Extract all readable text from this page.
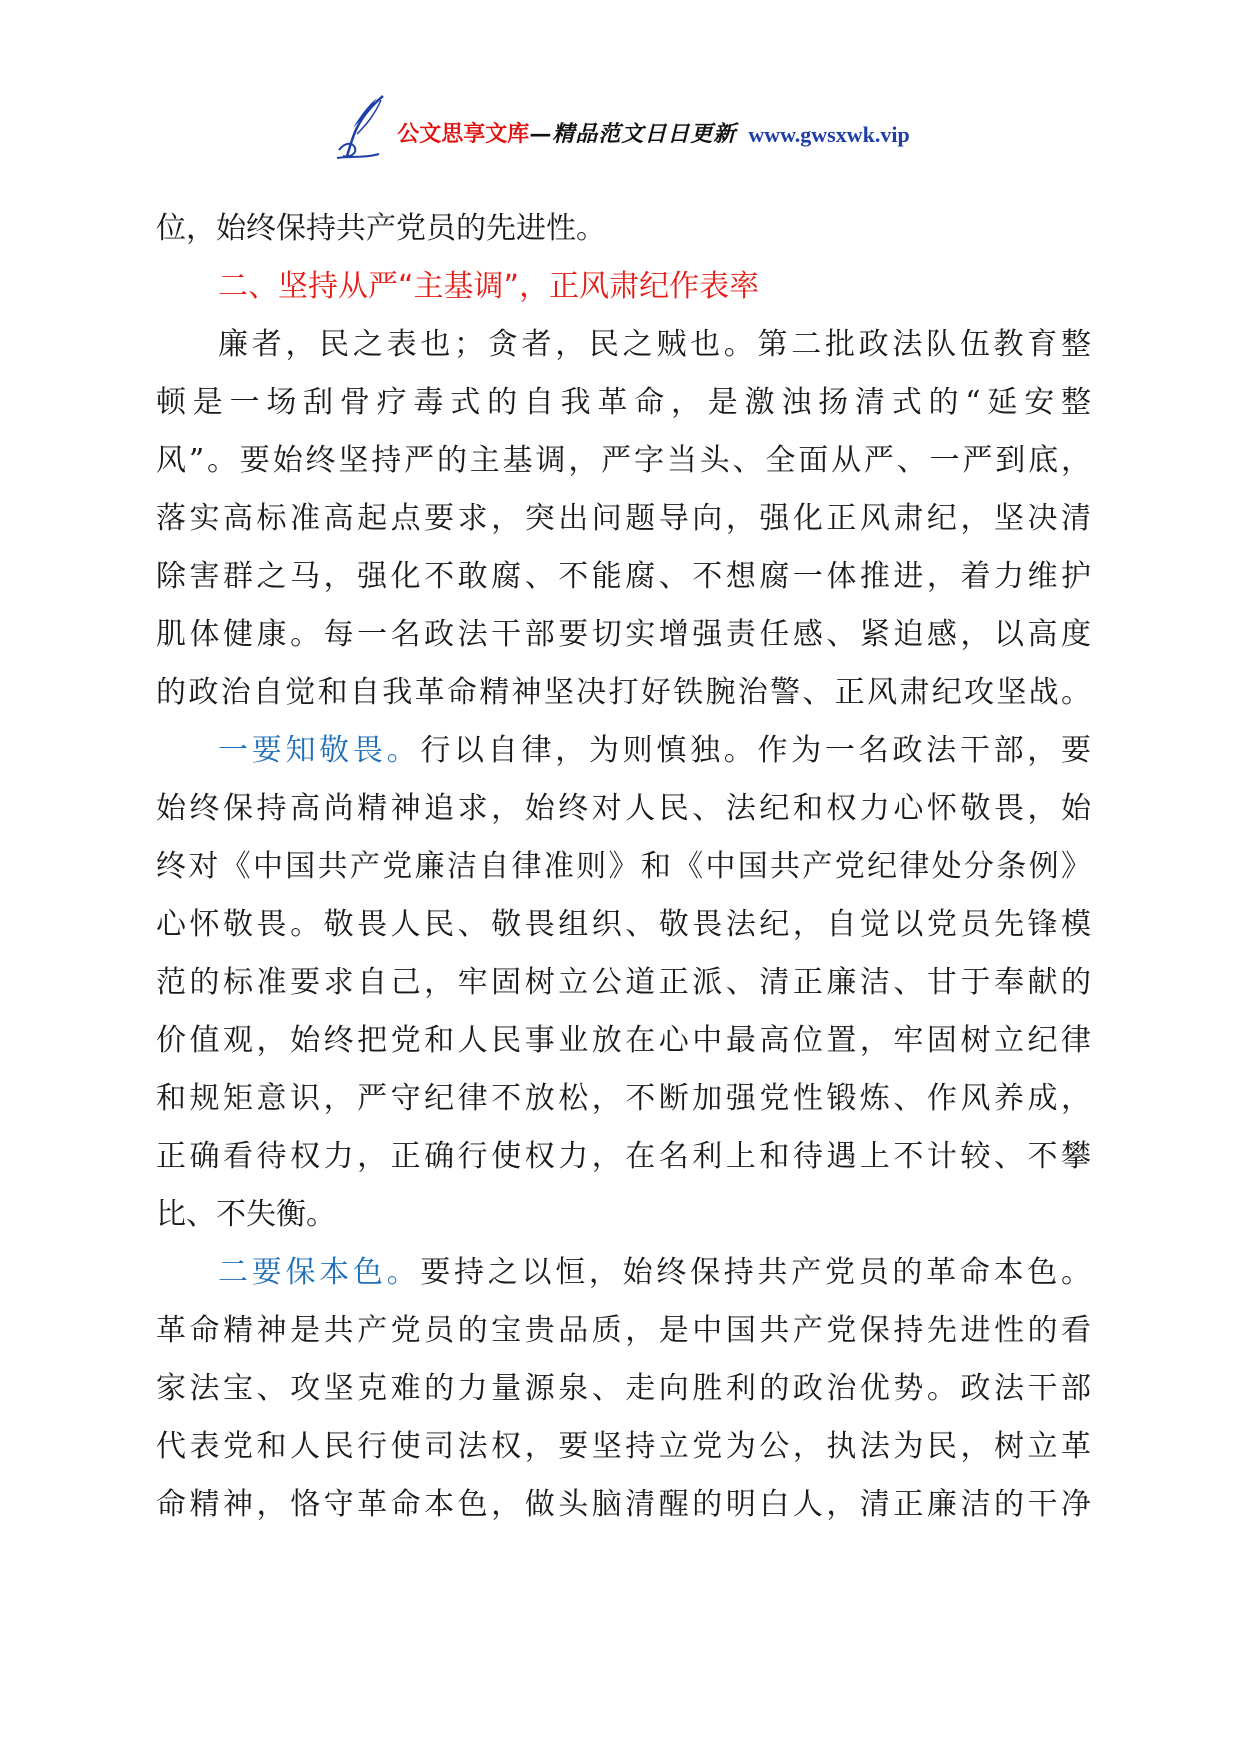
公文思享文库 —精品范文日日更新 www.gwsxwk.vip
位，始终保持共产党员的先进性。
二、坚持从严“主基调”，正风肃纪作表率
廉者，民之表也；贪者，民之贼也。第二批政法队伍教育整
顿是一场刮骨疗毒式的自我革命，是激浊扬清式的“延安整
风”。要始终坚持严的主基调，严字当头、全面从严、一严到底，
落实高标准高起点要求，突出问题导向，强化正风肃纪，坚决清
除害群之马，强化不敢腐、不能腐、不想腐一体推进，着力维护
肌体健康。每一名政法干部要切实增强责任感、紧迫感，以高度
的政治自觉和自我革命精神坚决打好铁腕治警、正风肃纪攻坚战。
一要知敬畏。行以自律，为则慎独。作为一名政法干部，要
始终保持高尚精神追求，始终对人民、法纪和权力心怀敬畏，始
终对《中国共产党廉洁自律准则》和《中国共产党纪律处分条例》
心怀敬畏。敬畏人民、敬畏组织、敬畏法纪，自觉以党员先锋模
范的标准要求自己，牢固树立公道正派、清正廉洁、甘于奉献的
价值观，始终把党和人民事业放在心中最高位置，牢固树立纪律
和规矩意识，严守纪律不放松，不断加强党性锻炼、作风养成，
正确看待权力，正确行使权力，在名利上和待遇上不计较、不攀
比、不失衡。
二要保本色。要持之以恒，始终保持共产党员的革命本色。
革命精神是共产党员的宝贵品质，是中国共产党保持先进性的看
家法宝、攻坚克难的力量源泉、走向胜利的政治优势。政法干部
代表党和人民行使司法权，要坚持立党为公，执法为民，树立革
命精神，恪守革命本色，做头脑清醒的明白人，清正廉洁的干净
